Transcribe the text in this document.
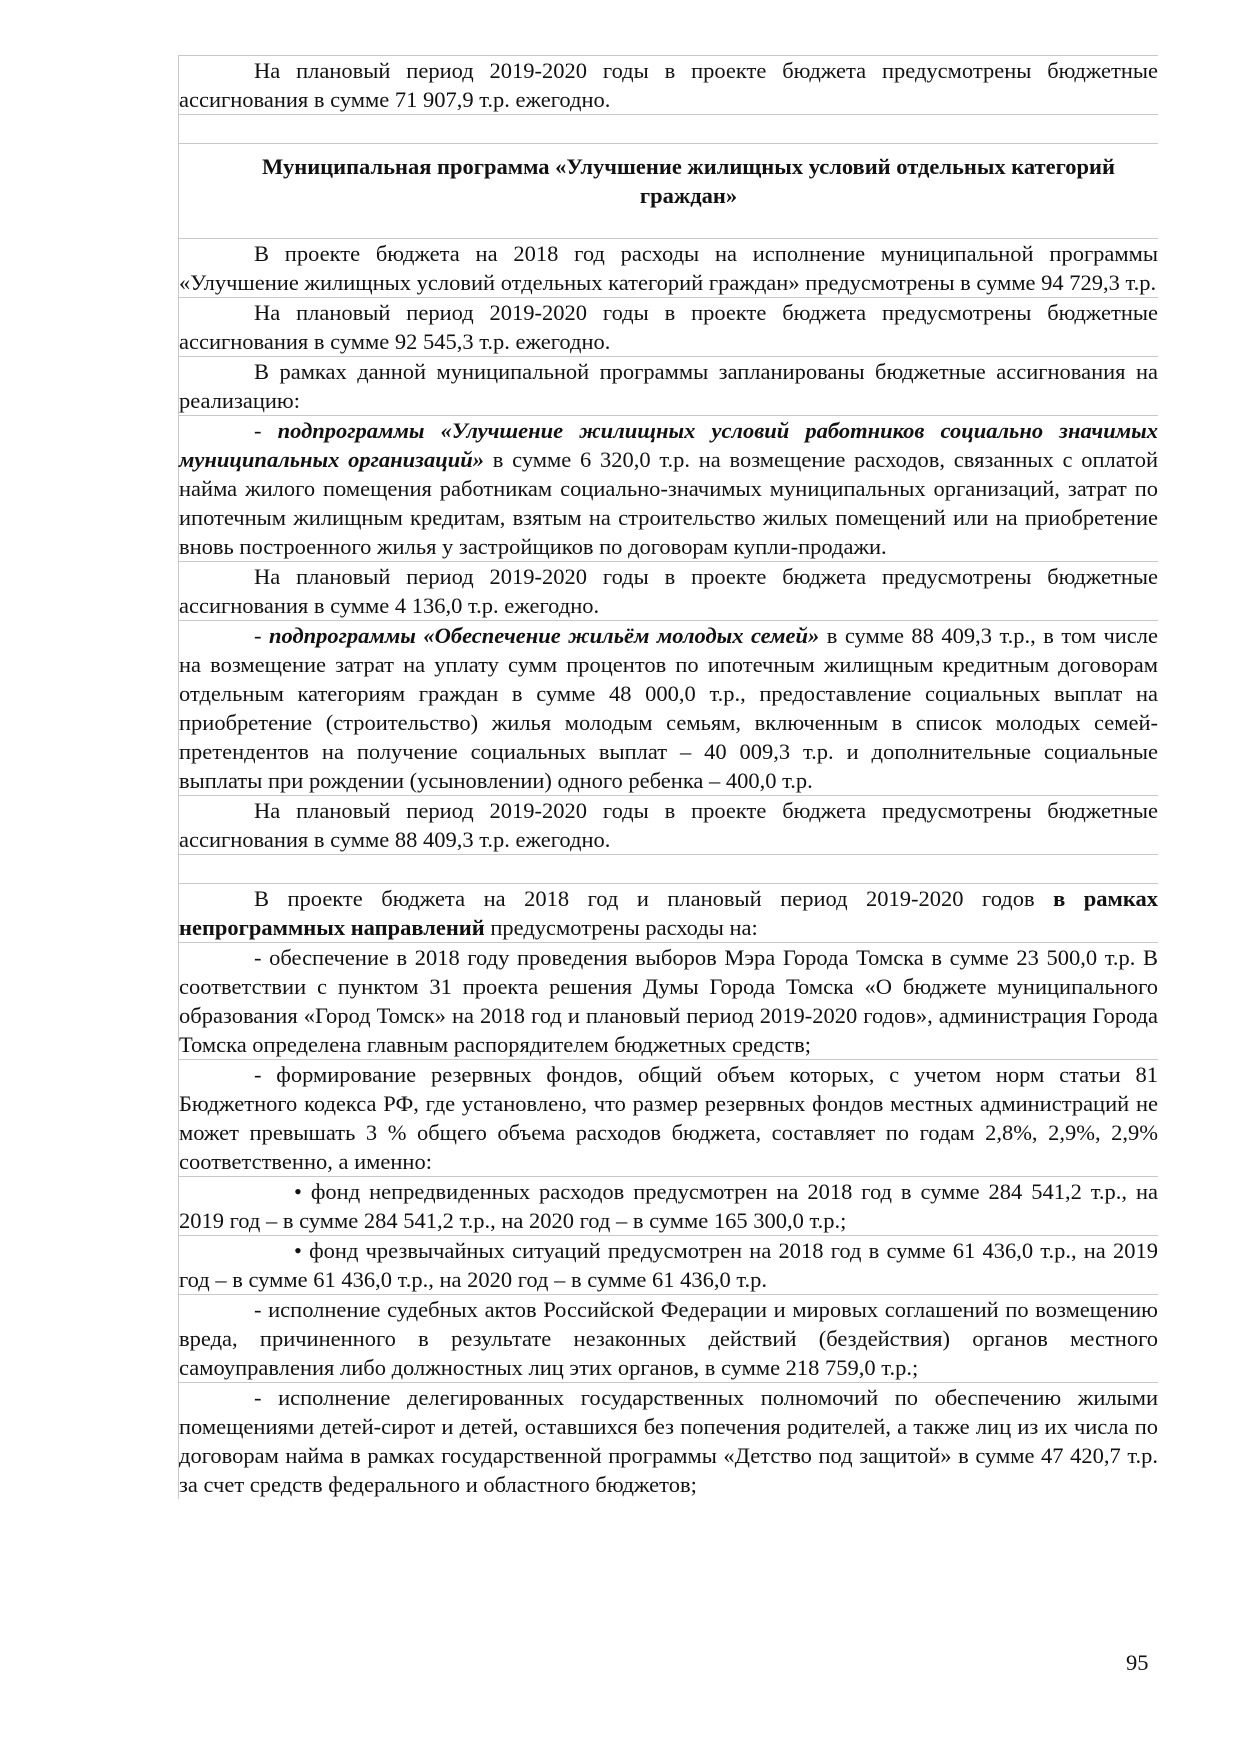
На плановый период 2019-2020 годы в проекте бюджета предусмотрены бюджетные ассигнования в сумме 71 907,9 т.р. ежегодно.

Муниципальная программа «Улучшение жилищных условий отдельных категорий граждан»

В проекте бюджета на 2018 год расходы на исполнение муниципальной программы «Улучшение жилищных условий отдельных категорий граждан» предусмотрены в сумме 94 729,3 т.р.

На плановый период 2019-2020 годы в проекте бюджета предусмотрены бюджетные ассигнования в сумме 92 545,3 т.р. ежегодно.

В рамках данной муниципальной программы запланированы бюджетные ассигнования на реализацию:

- подпрограммы «Улучшение жилищных условий работников социально значимых муниципальных организаций» в сумме 6 320,0 т.р. на возмещение расходов, связанных с оплатой найма жилого помещения работникам социально-значимых муниципальных организаций, затрат по ипотечным жилищным кредитам, взятым на строительство жилых помещений или на приобретение вновь построенного жилья у застройщиков по договорам купли-продажи.

На плановый период 2019-2020 годы в проекте бюджета предусмотрены бюджетные ассигнования в сумме 4 136,0 т.р. ежегодно.

- подпрограммы «Обеспечение жильём молодых семей» в сумме 88 409,3 т.р., в том числе на возмещение затрат на уплату сумм процентов по ипотечным жилищным кредитным договорам отдельным категориям граждан в сумме 48 000,0 т.р., предоставление социальных выплат на приобретение (строительство) жилья молодым семьям, включенным в список молодых семей-претендентов на получение социальных выплат – 40 009,3 т.р. и дополнительные социальные выплаты при рождении (усыновлении) одного ребенка – 400,0 т.р.

На плановый период 2019-2020 годы в проекте бюджета предусмотрены бюджетные ассигнования в сумме 88 409,3 т.р. ежегодно.

В проекте бюджета на 2018 год и плановый период 2019-2020 годов в рамках непрограммных направлений предусмотрены расходы на:

- обеспечение в 2018 году проведения выборов Мэра Города Томска в сумме 23 500,0 т.р. В соответствии с пунктом 31 проекта решения Думы Города Томска «О бюджете муниципального образования «Город Томск» на 2018 год и плановый период 2019-2020 годов», администрация Города Томска определена главным распорядителем бюджетных средств;

- формирование резервных фондов, общий объем которых, с учетом норм статьи 81 Бюджетного кодекса РФ, где установлено, что размер резервных фондов местных администраций не может превышать 3 % общего объема расходов бюджета, составляет по годам 2,8%, 2,9%, 2,9% соответственно, а именно:

• фонд непредвиденных расходов предусмотрен на 2018 год в сумме 284 541,2 т.р., на 2019 год – в сумме 284 541,2 т.р., на 2020 год – в сумме 165 300,0 т.р.;

• фонд чрезвычайных ситуаций предусмотрен на 2018 год в сумме 61 436,0 т.р., на 2019 год – в сумме 61 436,0 т.р., на 2020 год – в сумме 61 436,0 т.р.

- исполнение судебных актов Российской Федерации и мировых соглашений по возмещению вреда, причиненного в результате незаконных действий (бездействия) органов местного самоуправления либо должностных лиц этих органов, в сумме 218 759,0 т.р.;

- исполнение делегированных государственных полномочий по обеспечению жилыми помещениями детей-сирот и детей, оставшихся без попечения родителей, а также лиц из их числа по договорам найма в рамках государственной программы «Детство под защитой» в сумме 47 420,7 т.р. за счет средств федерального и областного бюджетов;

95
